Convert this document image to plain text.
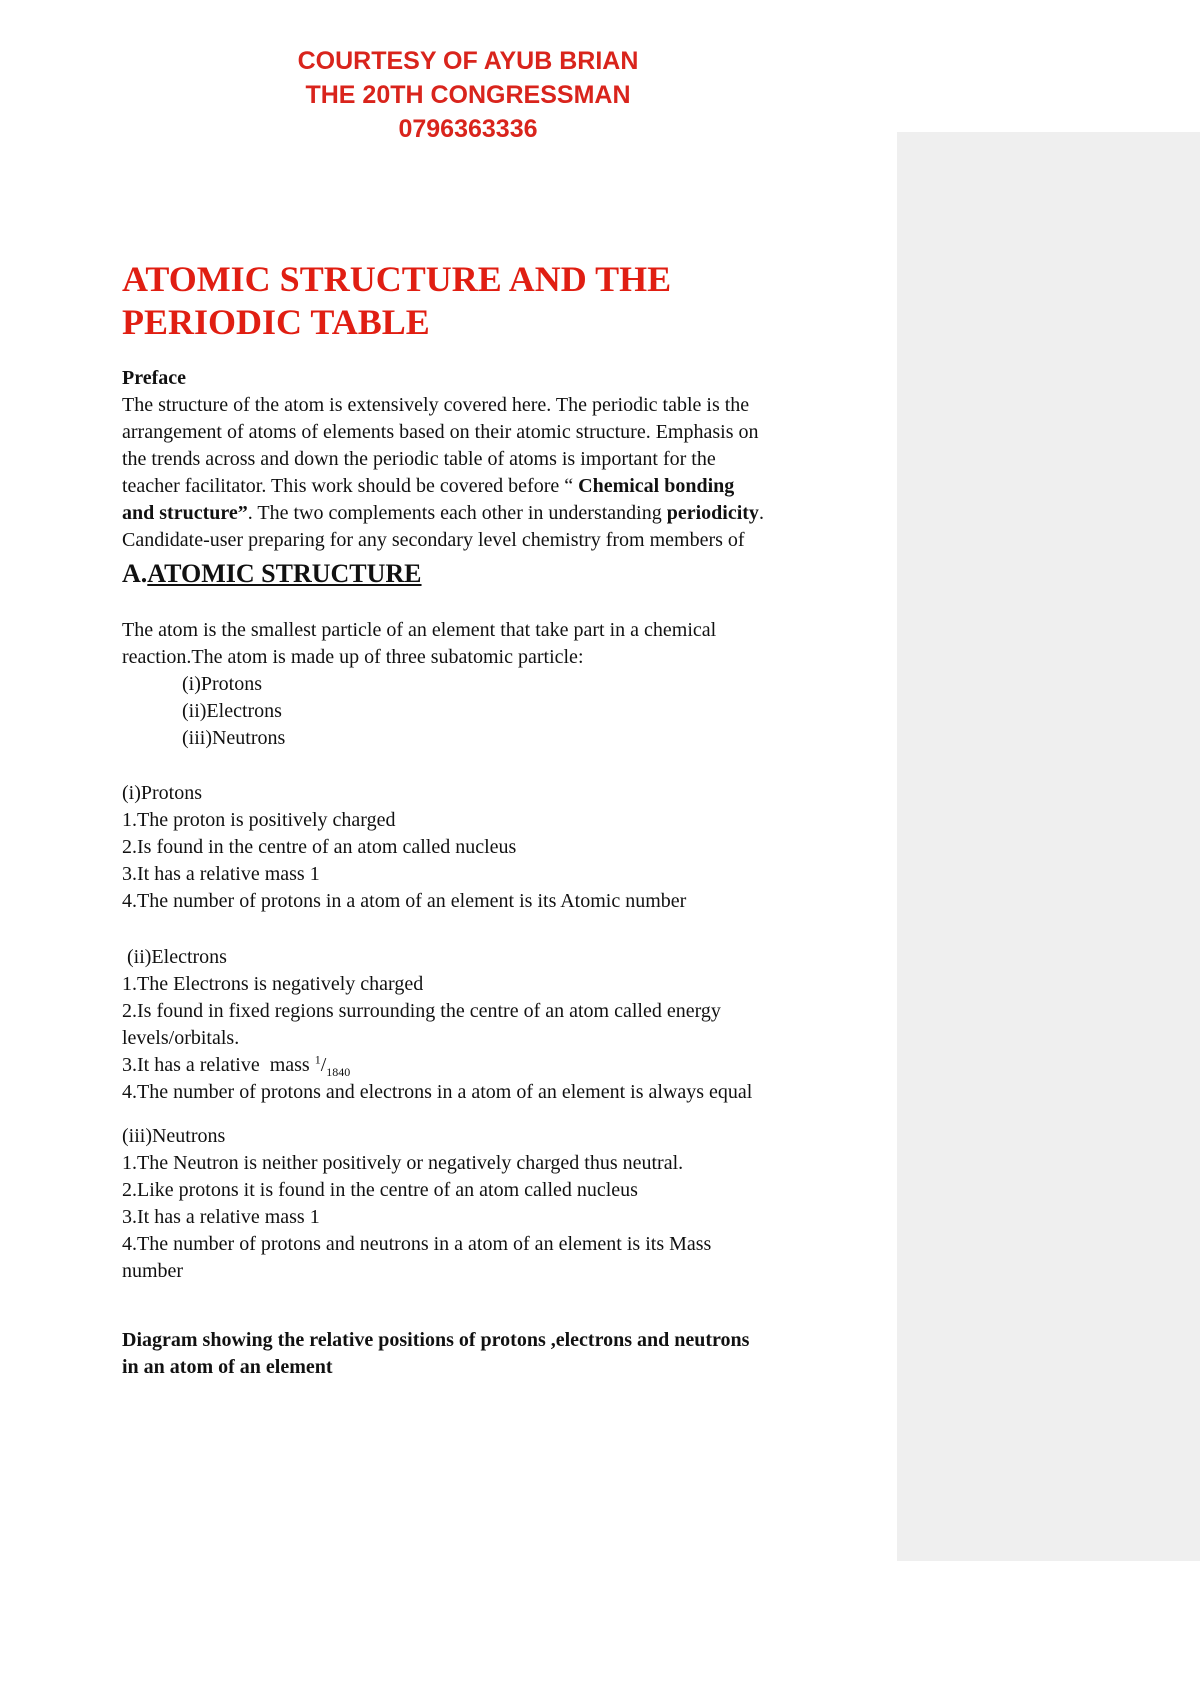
COURTESY OF AYUB BRIAN
THE 20TH CONGRESSMAN
0796363336
ATOMIC STRUCTURE AND THE
PERIODIC TABLE
Preface
The structure of the atom is extensively covered here. The periodic table is the
arrangement of atoms of elements based on their atomic structure. Emphasis on
the trends across and down the periodic table of atoms is important for the
teacher facilitator. This work should be covered before “ Chemical bonding
and structure”. The two complements each other in understanding periodicity.
Candidate-user preparing for any secondary level chemistry from members of
A.ATOMIC STRUCTURE
The atom is the smallest particle of an element that take part in a chemical
reaction.The atom is made up of three subatomic particle:
(i)Protons
(ii)Electrons
(iii)Neutrons
(i)Protons
1.The proton is positively charged
2.Is found in the centre of an atom called nucleus
3.It has a relative mass 1
4.The number of protons in a atom of an element is its Atomic number
(ii)Electrons
1.The Electrons is negatively charged
2.Is found in fixed regions surrounding the centre of an atom called energy
levels/orbitals.
3.It has a relative  mass $^1/_{1840}$
4.The number of protons and electrons in a atom of an element is always equal
(iii)Neutrons
1.The Neutron is neither positively or negatively charged thus neutral.
2.Like protons it is found in the centre of an atom called nucleus
3.It has a relative mass 1
4.The number of protons and neutrons in a atom of an element is its Mass
number
Diagram showing the relative positions of protons ,electrons and neutrons
in an atom of an element
